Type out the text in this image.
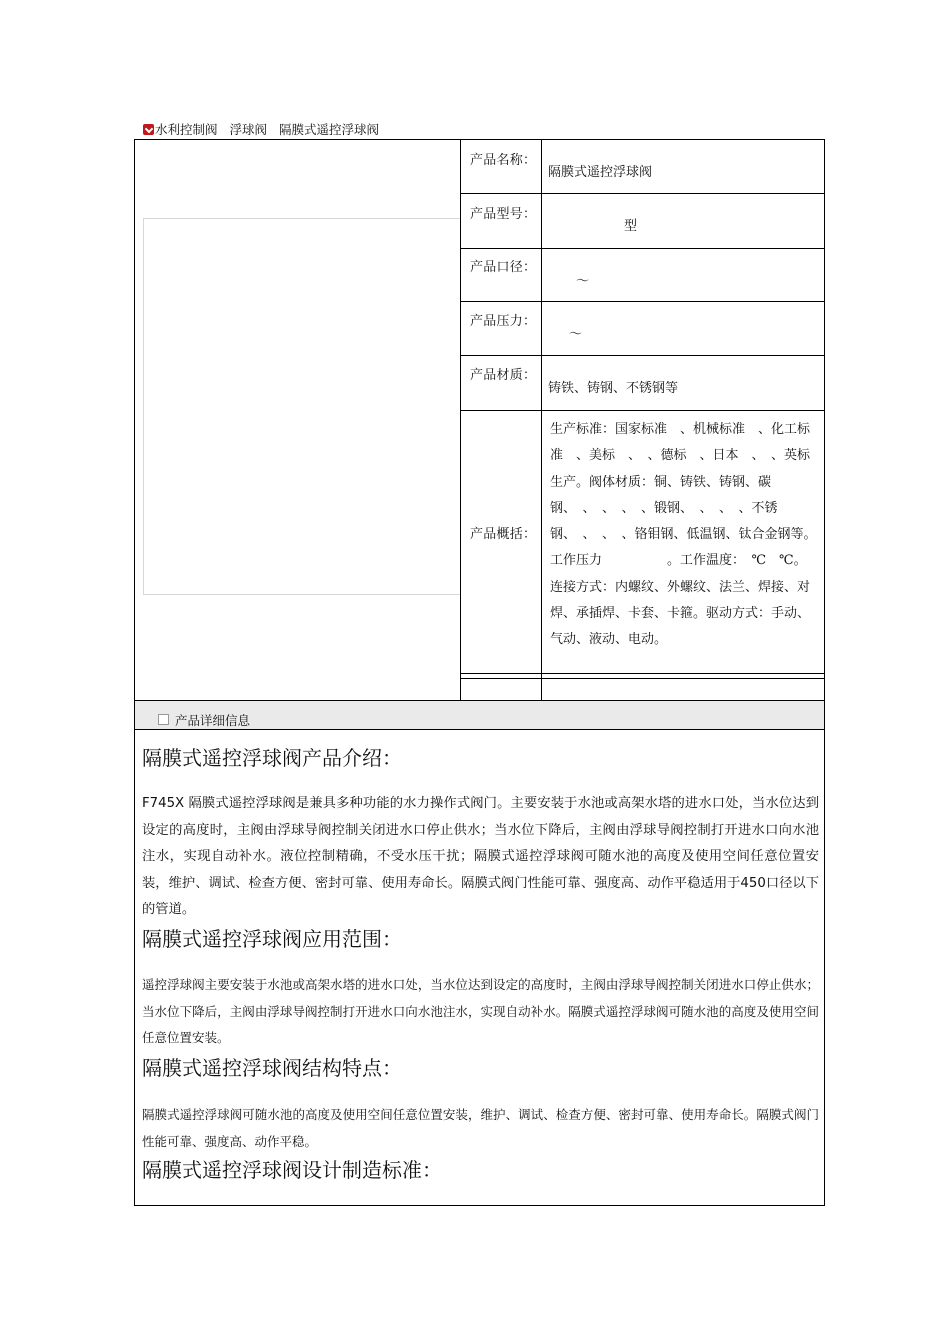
水利控制阀 浮球阀 隔膜式遥控浮球阀
产品名称：
隔膜式遥控浮球阀
产品型号：
型
产品口径：
～
产品压力：
～
产品材质：
铸铁、铸钢、不锈钢等
产品概括：
生产标准：国家标准　、机械标准　、化工标准　、美标　、　、德标　、日本　、　、英标　生产。阀体材质：铜、铸铁、铸钢、碳钢、　、　、　、　、锻钢、　、　、　、不锈钢、　、　、　、铬钼钢、低温钢、钛合金钢等。工作压力　　　　　。工作温度：　℃　℃。连接方式：内螺纹、外螺纹、法兰、焊接、对焊、承插焊、卡套、卡箍。驱动方式：手动、气动、液动、电动。
产品详细信息
隔膜式遥控浮球阀产品介绍：
F745X 隔膜式遥控浮球阀是兼具多种功能的水力操作式阀门。主要安装于水池或高架水塔的进水口处，当水位达到设定的高度时，主阀由浮球导阀控制关闭进水口停止供水；当水位下降后，主阀由浮球导阀控制打开进水口向水池注水，实现自动补水。液位控制精确，不受水压干扰；隔膜式遥控浮球阀可随水池的高度及使用空间任意位置安装，维护、调试、检查方便、密封可靠、使用寿命长。隔膜式阀门性能可靠、强度高、动作平稳适用于450口径以下的管道。
隔膜式遥控浮球阀应用范围：
遥控浮球阀主要安装于水池或高架水塔的进水口处，当水位达到设定的高度时，主阀由浮球导阀控制关闭进水口停止供水；当水位下降后，主阀由浮球导阀控制打开进水口向水池注水，实现自动补水。隔膜式遥控浮球阀可随水池的高度及使用空间任意位置安装。
隔膜式遥控浮球阀结构特点：
隔膜式遥控浮球阀可随水池的高度及使用空间任意位置安装，维护、调试、检查方便、密封可靠、使用寿命长。隔膜式阀门性能可靠、强度高、动作平稳。
隔膜式遥控浮球阀设计制造标准：
